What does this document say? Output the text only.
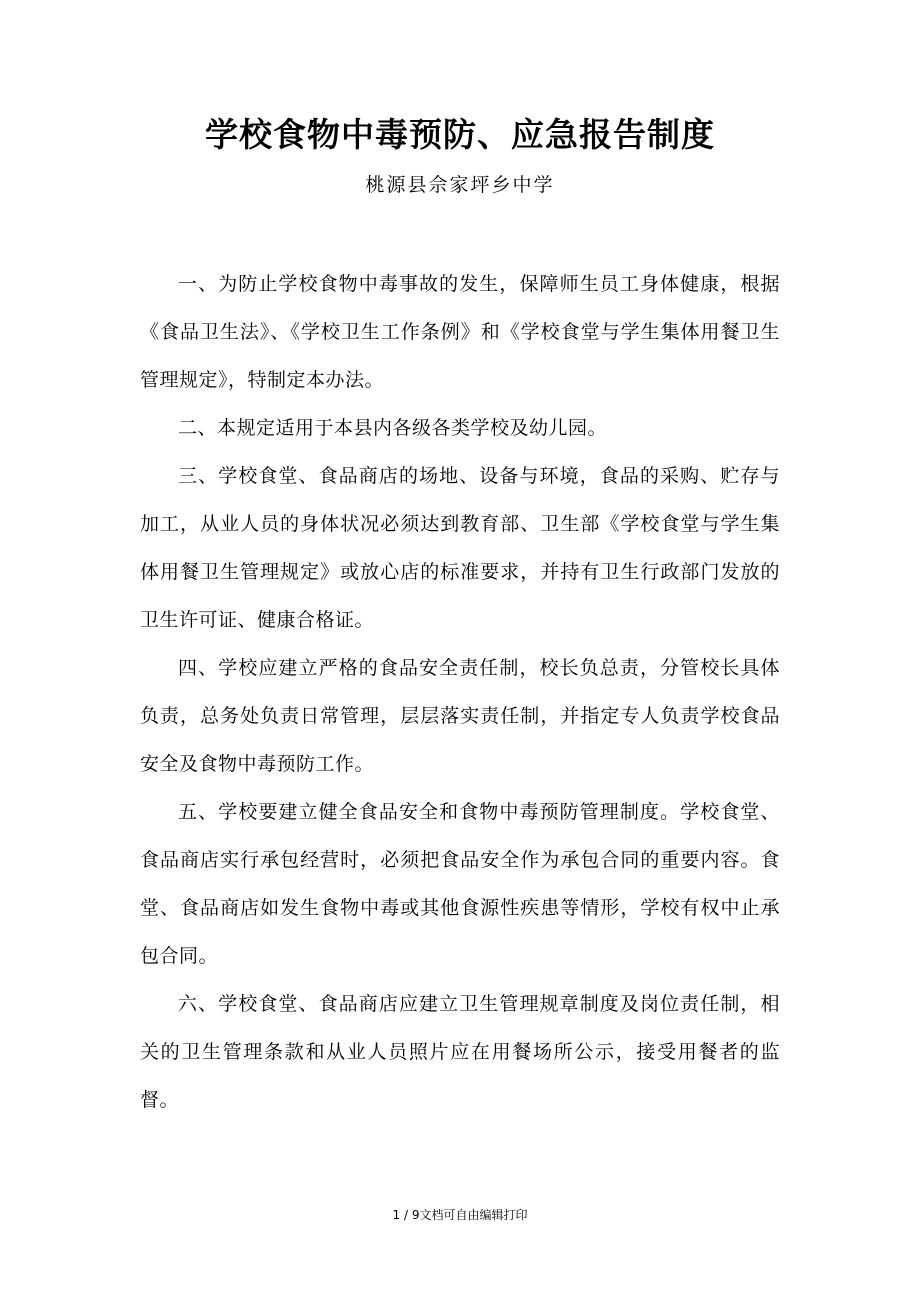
学校食物中毒预防、应急报告制度
桃源县佘家坪乡中学

一、为防止学校食物中毒事故的发生，保障师生员工身体健康，根据《食品卫生法》、《学校卫生工作条例》和《学校食堂与学生集体用餐卫生管理规定》，特制定本办法。

二、本规定适用于本县内各级各类学校及幼儿园。

三、学校食堂、食品商店的场地、设备与环境，食品的采购、贮存与加工，从业人员的身体状况必须达到教育部、卫生部《学校食堂与学生集体用餐卫生管理规定》或放心店的标准要求，并持有卫生行政部门发放的卫生许可证、健康合格证。

四、学校应建立严格的食品安全责任制，校长负总责，分管校长具体负责，总务处负责日常管理，层层落实责任制，并指定专人负责学校食品安全及食物中毒预防工作。

五、学校要建立健全食品安全和食物中毒预防管理制度。学校食堂、食品商店实行承包经营时，必须把食品安全作为承包合同的重要内容。食堂、食品商店如发生食物中毒或其他食源性疾患等情形，学校有权中止承包合同。

六、学校食堂、食品商店应建立卫生管理规章制度及岗位责任制，相关的卫生管理条款和从业人员照片应在用餐场所公示，接受用餐者的监督。

1 / 9文档可自由编辑打印
